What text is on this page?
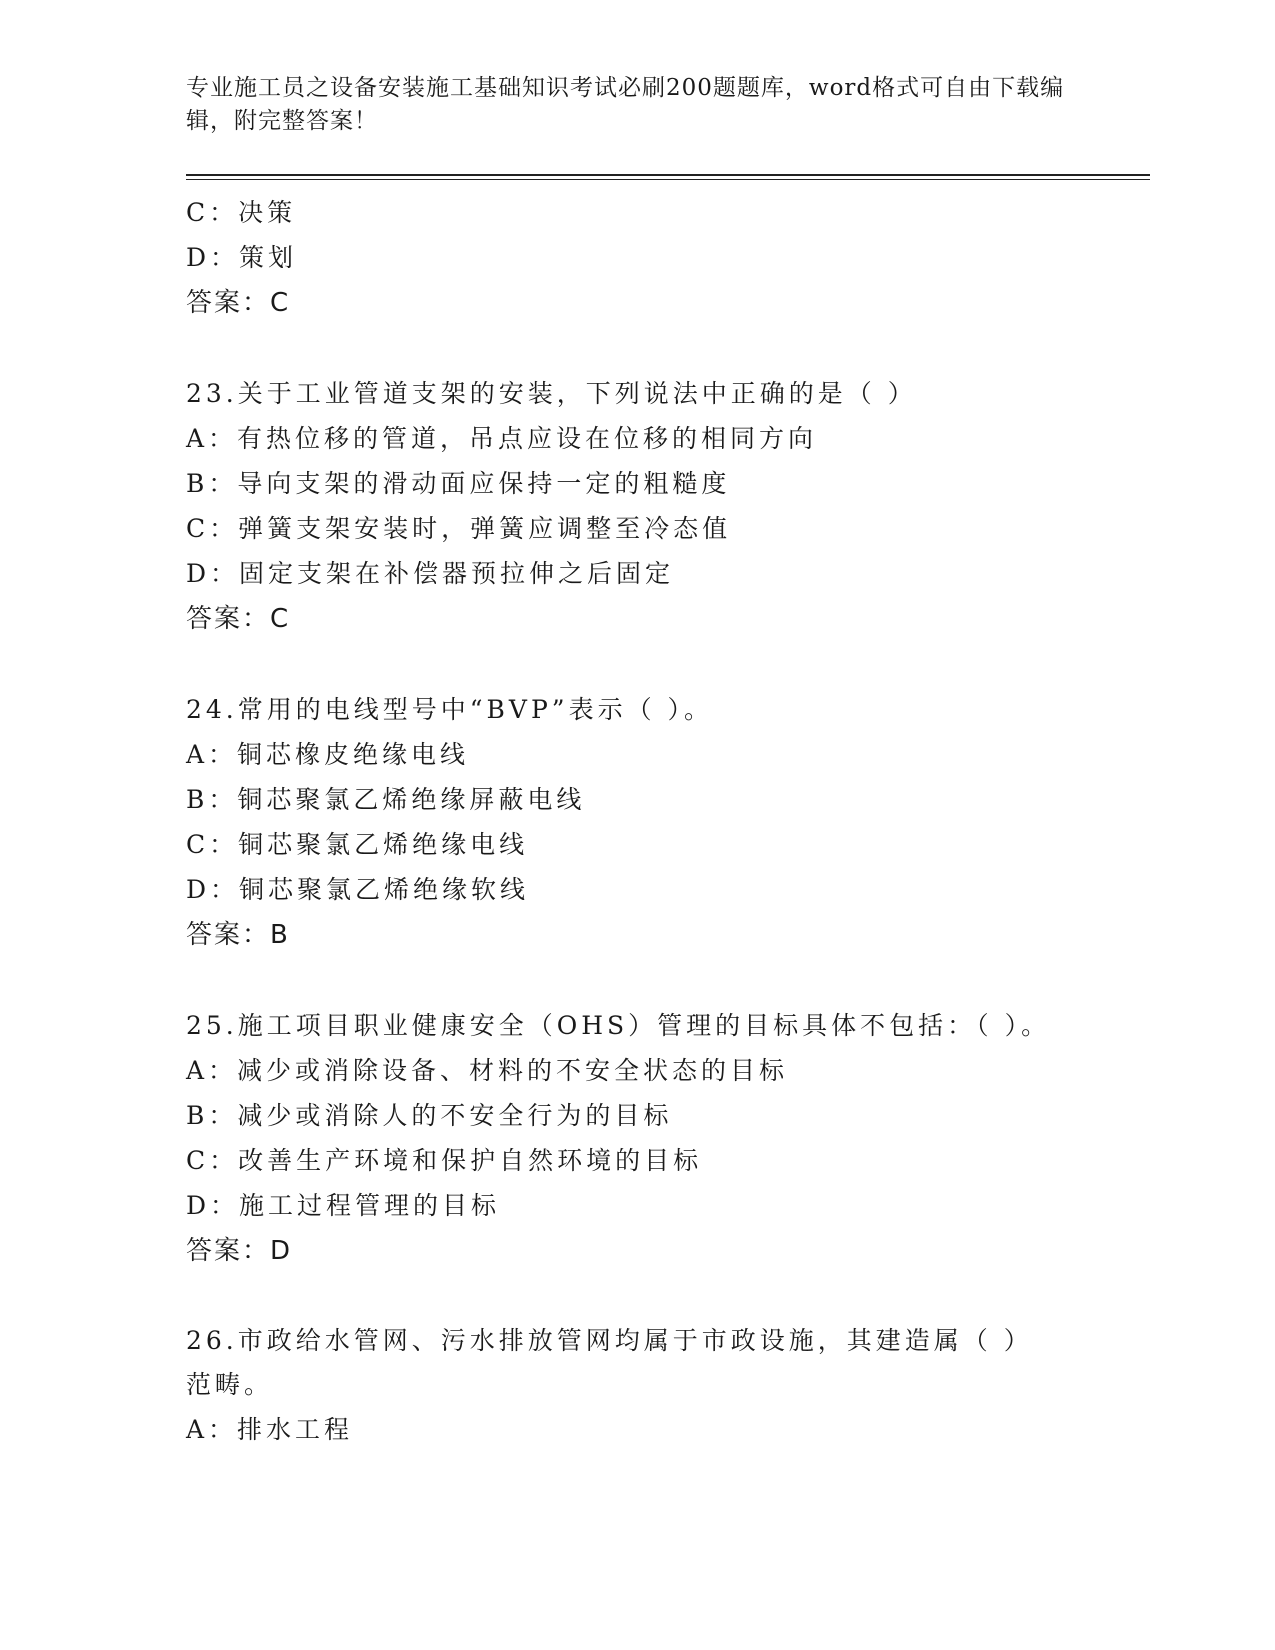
专业施工员之设备安装施工基础知识考试必刷200题题库，word格式可自由下载编辑，附完整答案！
C：决策
D：策划
答案：C
23.关于工业管道支架的安装，下列说法中正确的是（ ）
A：有热位移的管道，吊点应设在位移的相同方向
B：导向支架的滑动面应保持一定的粗糙度
C：弹簧支架安装时，弹簧应调整至冷态值
D：固定支架在补偿器预拉伸之后固定
答案：C
24.常用的电线型号中“BVP”表示（ ）。
A：铜芯橡皮绝缘电线
B：铜芯聚氯乙烯绝缘屏蔽电线
C：铜芯聚氯乙烯绝缘电线
D：铜芯聚氯乙烯绝缘软线
答案：B
25.施工项目职业健康安全（OHS）管理的目标具体不包括：（ ）。
A：减少或消除设备、材料的不安全状态的目标
B：减少或消除人的不安全行为的目标
C：改善生产环境和保护自然环境的目标
D：施工过程管理的目标
答案：D
26.市政给水管网、污水排放管网均属于市政设施，其建造属（ ）范畴。
A：排水工程
